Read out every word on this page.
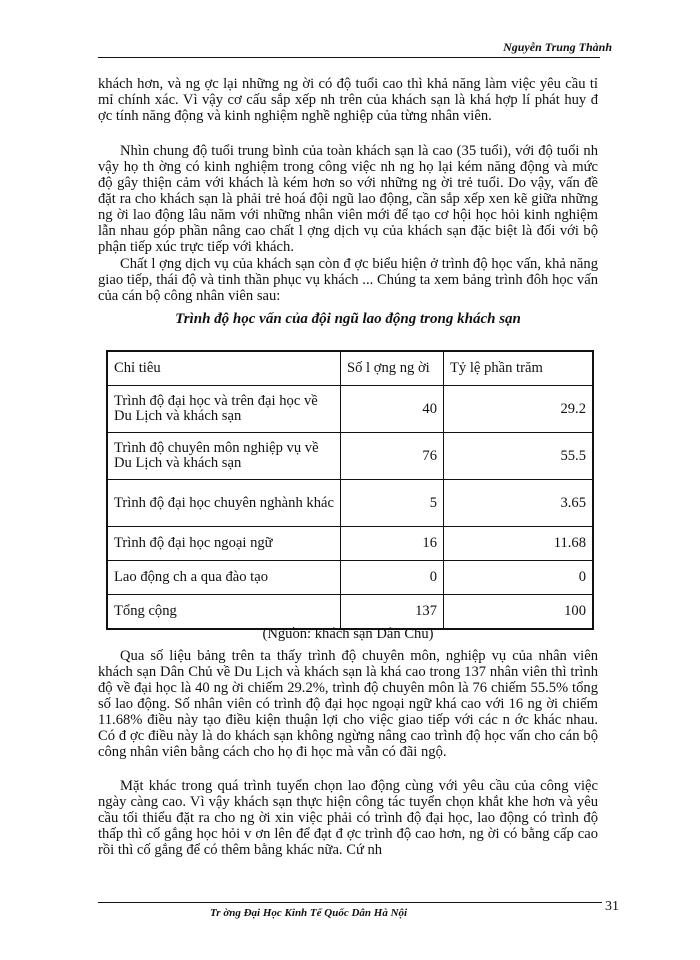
Nguyễn Trung Thành

khách hơn, và ng ợc lại những ng ời có độ tuổi cao thì khả năng làm việc yêu cầu tỉ mỉ chính xác. Vì vậy cơ cấu sắp xếp nh trên của khách sạn là khá hợp lí phát huy đ ợc tính năng động và kinh nghiệm nghề nghiệp của từng nhân viên.

Nhìn chung độ tuổi trung bình của toàn khách sạn là cao (35 tuổi), với độ tuổi nh vậy họ th ờng có kinh nghiệm trong công việc nh ng họ lại kém năng động và mức độ gây thiện cảm với khách là kém hơn so với những ng ời trẻ tuổi. Do vậy, vấn đề đặt ra cho khách sạn là phải trẻ hoá đội ngũ lao động, cần sắp xếp xen kẽ giữa những ng ời lao động lâu năm với những nhân viên mới để tạo cơ hội học hỏi kinh nghiệm lẫn nhau góp phần nâng cao chất l ợng dịch vụ của khách sạn đặc biệt là đối với bộ phận tiếp xúc trực tiếp với khách.

Chất l ợng dịch vụ của khách sạn còn đ ợc biểu hiện ở trình độ học vấn, khả năng giao tiếp, thái độ và tinh thần phục vụ khách ... Chúng ta xem bảng trình đôh học vấn của cán bộ công nhân viên sau:

Trình độ học vấn của đội ngũ lao động trong khách sạn

Chỉ tiêu	Số l ợng ng ời	Tỷ lệ phần trăm
Trình độ đại học và trên đại học về Du Lịch và khách sạn	40	29.2
Trình độ chuyên môn nghiệp vụ về Du Lịch và khách sạn	76	55.5
Trình độ đại học chuyên nghành khác	5	3.65
Trình độ đại học ngoại ngữ	16	11.68
Lao động ch a qua đào tạo	0	0
Tổng cộng	137	100

(Nguồn: khách sạn Dân Chủ)

Qua số liệu bảng trên ta thấy trình độ chuyên môn, nghiệp vụ của nhân viên khách sạn Dân Chủ về Du Lịch và khách sạn là khá cao trong 137 nhân viên thì trình độ về đại học là 40 ng ời chiếm 29.2%, trình độ chuyên môn là 76 chiếm 55.5% tổng số lao động. Số nhân viên có trình độ đại học ngoại ngữ khá cao với 16 ng ời chiếm 11.68% điều này tạo điều kiện thuận lợi cho việc giao tiếp với các n ớc khác nhau. Có đ ợc điều này là do khách sạn không ngừng nâng cao trình độ học vấn cho cán bộ công nhân viên bằng cách cho họ đi học mà vẫn có đãi ngộ.

Mặt khác trong quá trình tuyển chọn lao động cùng với yêu cầu của công việc ngày càng cao. Vì vậy khách sạn thực hiện công tác tuyển chọn khắt khe hơn và yêu cầu tối thiểu đặt ra cho ng ời xin việc phải có trình độ đại học, lao động có trình độ thấp thì cố gắng học hỏi v ơn lên để đạt đ ợc trình độ cao hơn, ng ời có bằng cấp cao rồi thì cố gắng để có thêm bằng khác nữa. Cứ nh

Tr ờng Đại Học Kinh Tế Quốc Dân Hà Nội	31
